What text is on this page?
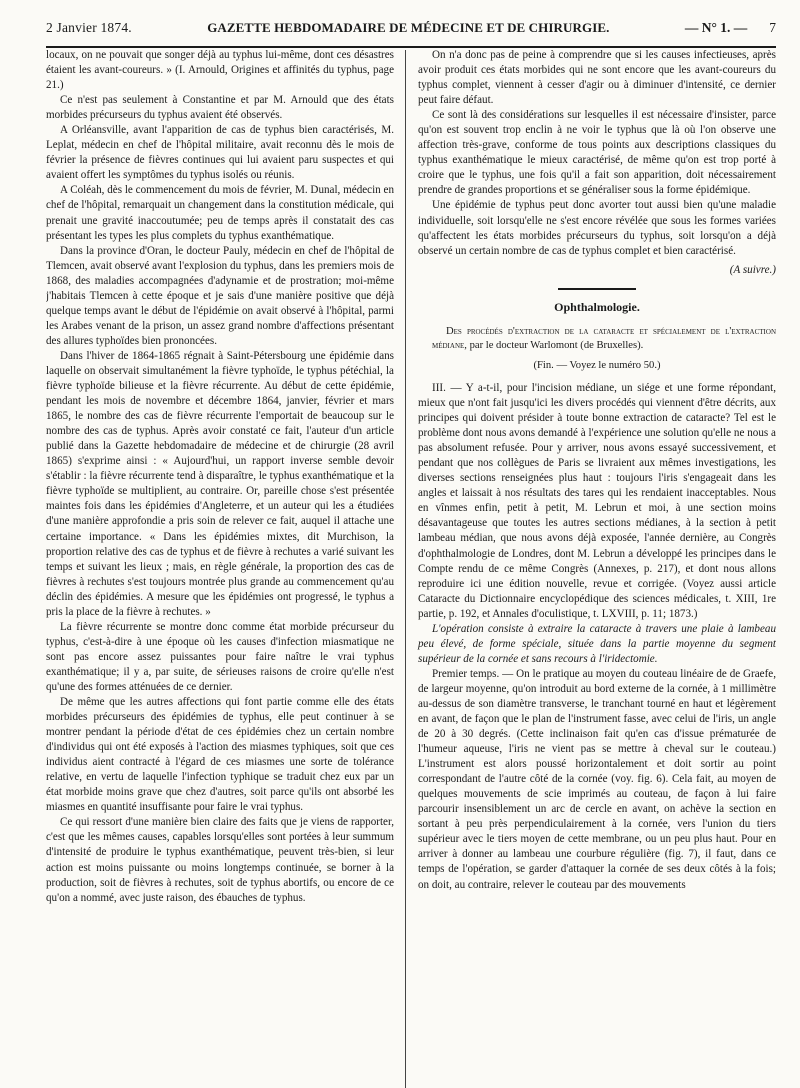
2 Janvier 1874.	GAZETTE HEBDOMADAIRE DE MÉDECINE ET DE CHIRURGIE.	— N° 1. — 7

locaux, on ne pouvait que songer déjà au typhus lui-même, dont ces désastres étaient les avant-coureurs. » (I. Arnould, Origines et affinités du typhus, page 21.)

Ce n'est pas seulement à Constantine et par M. Arnould que des états morbides précurseurs du typhus avaient été observés.

A Orléansville, avant l'apparition de cas de typhus bien caractérisés, M. Leplat, médecin en chef de l'hôpital militaire, avait reconnu dès le mois de février la présence de fièvres continues qui lui avaient paru suspectes et qui avaient offert les symptômes du typhus isolés ou réunis.

A Coléah, dès le commencement du mois de février, M. Dunal, médecin en chef de l'hôpital, remarquait un changement dans la constitution médicale, qui prenait une gravité inaccoutumée; peu de temps après il constatait des cas présentant les types les plus complets du typhus exanthématique.

Dans la province d'Oran, le docteur Pauly, médecin en chef de l'hôpital de Tlemcen, avait observé avant l'explosion du typhus, dans les premiers mois de 1868, des maladies accompagnées d'adynamie et de prostration; moi-même j'habitais Tlemcen à cette époque et je sais d'une manière positive que déjà quelque temps avant le début de l'épidémie on avait observé à l'hôpital, parmi les Arabes venant de la prison, un assez grand nombre d'affections présentant des allures typhoïdes bien prononcées.

Dans l'hiver de 1864-1865 régnait à Saint-Pétersbourg une épidémie dans laquelle on observait simultanément la fièvre typhoïde, le typhus pétéchial, la fièvre typhoïde bilieuse et la fièvre récurrente. Au début de cette épidémie, pendant les mois de novembre et décembre 1864, janvier, février et mars 1865, le nombre des cas de fièvre récurrente l'emportait de beaucoup sur le nombre des cas de typhus. Après avoir constaté ce fait, l'auteur d'un article publié dans la Gazette hebdomadaire de médecine et de chirurgie (28 avril 1865) s'exprime ainsi : « Aujourd'hui, un rapport inverse semble devoir s'établir : la fièvre récurrente tend à disparaître, le typhus exanthématique et la fièvre typhoïde se multiplient, au contraire. Or, pareille chose s'est présentée maintes fois dans les épidémies d'Angleterre, et un auteur qui les a étudiées d'une manière approfondie a pris soin de relever ce fait, auquel il attache une certaine importance. « Dans les épidémies mixtes, dit Murchison, la proportion relative des cas de typhus et de fièvre à rechutes a varié suivant les temps et suivant les lieux ; mais, en règle générale, la proportion des cas de fièvres à rechutes s'est toujours montrée plus grande au commencement qu'au déclin des épidémies. A mesure que les épidémies ont progressé, le typhus a pris la place de la fièvre à rechutes. »

La fièvre récurrente se montre donc comme état morbide précurseur du typhus, c'est-à-dire à une époque où les causes d'infection miasmatique ne sont pas encore assez puissantes pour faire naître le vrai typhus exanthématique; il y a, par suite, de sérieuses raisons de croire qu'elle n'est qu'une des formes atténuées de ce dernier.

De même que les autres affections qui font partie comme elle des états morbides précurseurs des épidémies de typhus, elle peut continuer à se montrer pendant la période d'état de ces épidémies chez un certain nombre d'individus qui ont été exposés à l'action des miasmes typhiques, soit que ces individus aient contracté à l'égard de ces miasmes une sorte de tolérance relative, en vertu de laquelle l'infection typhique se traduit chez eux par un état morbide moins grave que chez d'autres, soit parce qu'ils ont absorbé les miasmes en quantité insuffisante pour faire le vrai typhus.

Ce qui ressort d'une manière bien claire des faits que je viens de rapporter, c'est que les mêmes causes, capables lorsqu'elles sont portées à leur summum d'intensité de produire le typhus exanthématique, peuvent très-bien, si leur action est moins puissante ou moins longtemps continuée, se borner à la production, soit de fièvres à rechutes, soit de typhus abortifs, ou encore de ce qu'on a nommé, avec juste raison, des ébauches de typhus.

On n'a donc pas de peine à comprendre que si les causes infectieuses, après avoir produit ces états morbides qui ne sont encore que les avant-coureurs du typhus complet, viennent à cesser d'agir ou à diminuer d'intensité, ce dernier peut faire défaut.

Ce sont là des considérations sur lesquelles il est nécessaire d'insister, parce qu'on est souvent trop enclin à ne voir le typhus que là où l'on observe une affection très-grave, conforme de tous points aux descriptions classiques du typhus exanthématique le mieux caractérisé, de même qu'on est trop porté à croire que le typhus, une fois qu'il a fait son apparition, doit nécessairement prendre de grandes proportions et se généraliser sous la forme épidémique.

Une épidémie de typhus peut donc avorter tout aussi bien qu'une maladie individuelle, soit lorsqu'elle ne s'est encore révélée que sous les formes variées qu'affectent les états morbides précurseurs du typhus, soit lorsqu'on a déjà observé un certain nombre de cas de typhus complet et bien caractérisé.

(A suivre.)

Ophthalmologie.

Des procédés d'extraction de la cataracte et spécialement de l'extraction médiane, par le docteur Warlomont (de Bruxelles).

(Fin. — Voyez le numéro 50.)

III. — Y a-t-il, pour l'incision médiane, un siége et une forme répondant, mieux que n'ont fait jusqu'ici les divers procédés qui viennent d'être décrits, aux principes qui doivent présider à toute bonne extraction de cataracte? Tel est le problème dont nous avons demandé à l'expérience une solution qu'elle ne nous a pas absolument refusée. Pour y arriver, nous avons essayé successivement, et pendant que nos collègues de Paris se livraient aux mêmes investigations, les diverses sections renseignées plus haut : toujours l'iris s'engageait dans les angles et laissait à nos résultats des tares qui les rendaient inacceptables. Nous en vînmes enfin, petit à petit, M. Lebrun et moi, à une section moins désavantageuse que toutes les autres sections médianes, à la section à petit lambeau médian, que nous avons déjà exposée, l'année dernière, au Congrès d'ophthalmologie de Londres, dont M. Lebrun a développé les principes dans le Compte rendu de ce même Congrès (Annexes, p. 217), et dont nous allons reproduire ici une édition nouvelle, revue et corrigée. (Voyez aussi article Cataracte du Dictionnaire encyclopédique des sciences médicales, t. XIII, 1re partie, p. 192, et Annales d'oculistique, t. LXVIII, p. 11; 1873.)

L'opération consiste à extraire la cataracte à travers une plaie à lambeau peu élevé, de forme spéciale, située dans la partie moyenne du segment supérieur de la cornée et sans recours à l'iridectomie.

Premier temps. — On le pratique au moyen du couteau linéaire de de Graefe, de largeur moyenne, qu'on introduit au bord externe de la cornée, à 1 millimètre au-dessus de son diamètre transverse, le tranchant tourné en haut et légèrement en avant, de façon que le plan de l'instrument fasse, avec celui de l'iris, un angle de 20 à 30 degrés. (Cette inclinaison fait qu'en cas d'issue prématurée de l'humeur aqueuse, l'iris ne vient pas se mettre à cheval sur le couteau.) L'instrument est alors poussé horizontalement et doit sortir au point correspondant de l'autre côté de la cornée (voy. fig. 6). Cela fait, au moyen de quelques mouvements de scie imprimés au couteau, de façon à lui faire parcourir insensiblement un arc de cercle en avant, on achève la section en sortant à peu près perpendiculairement à la cornée, vers l'union du tiers supérieur avec le tiers moyen de cette membrane, ou un peu plus haut. Pour en arriver à donner au lambeau une courbure régulière (fig. 7), il faut, dans ce temps de l'opération, se garder d'attaquer la cornée de ses deux côtés à la fois; on doit, au contraire, relever le couteau par des mouvements
